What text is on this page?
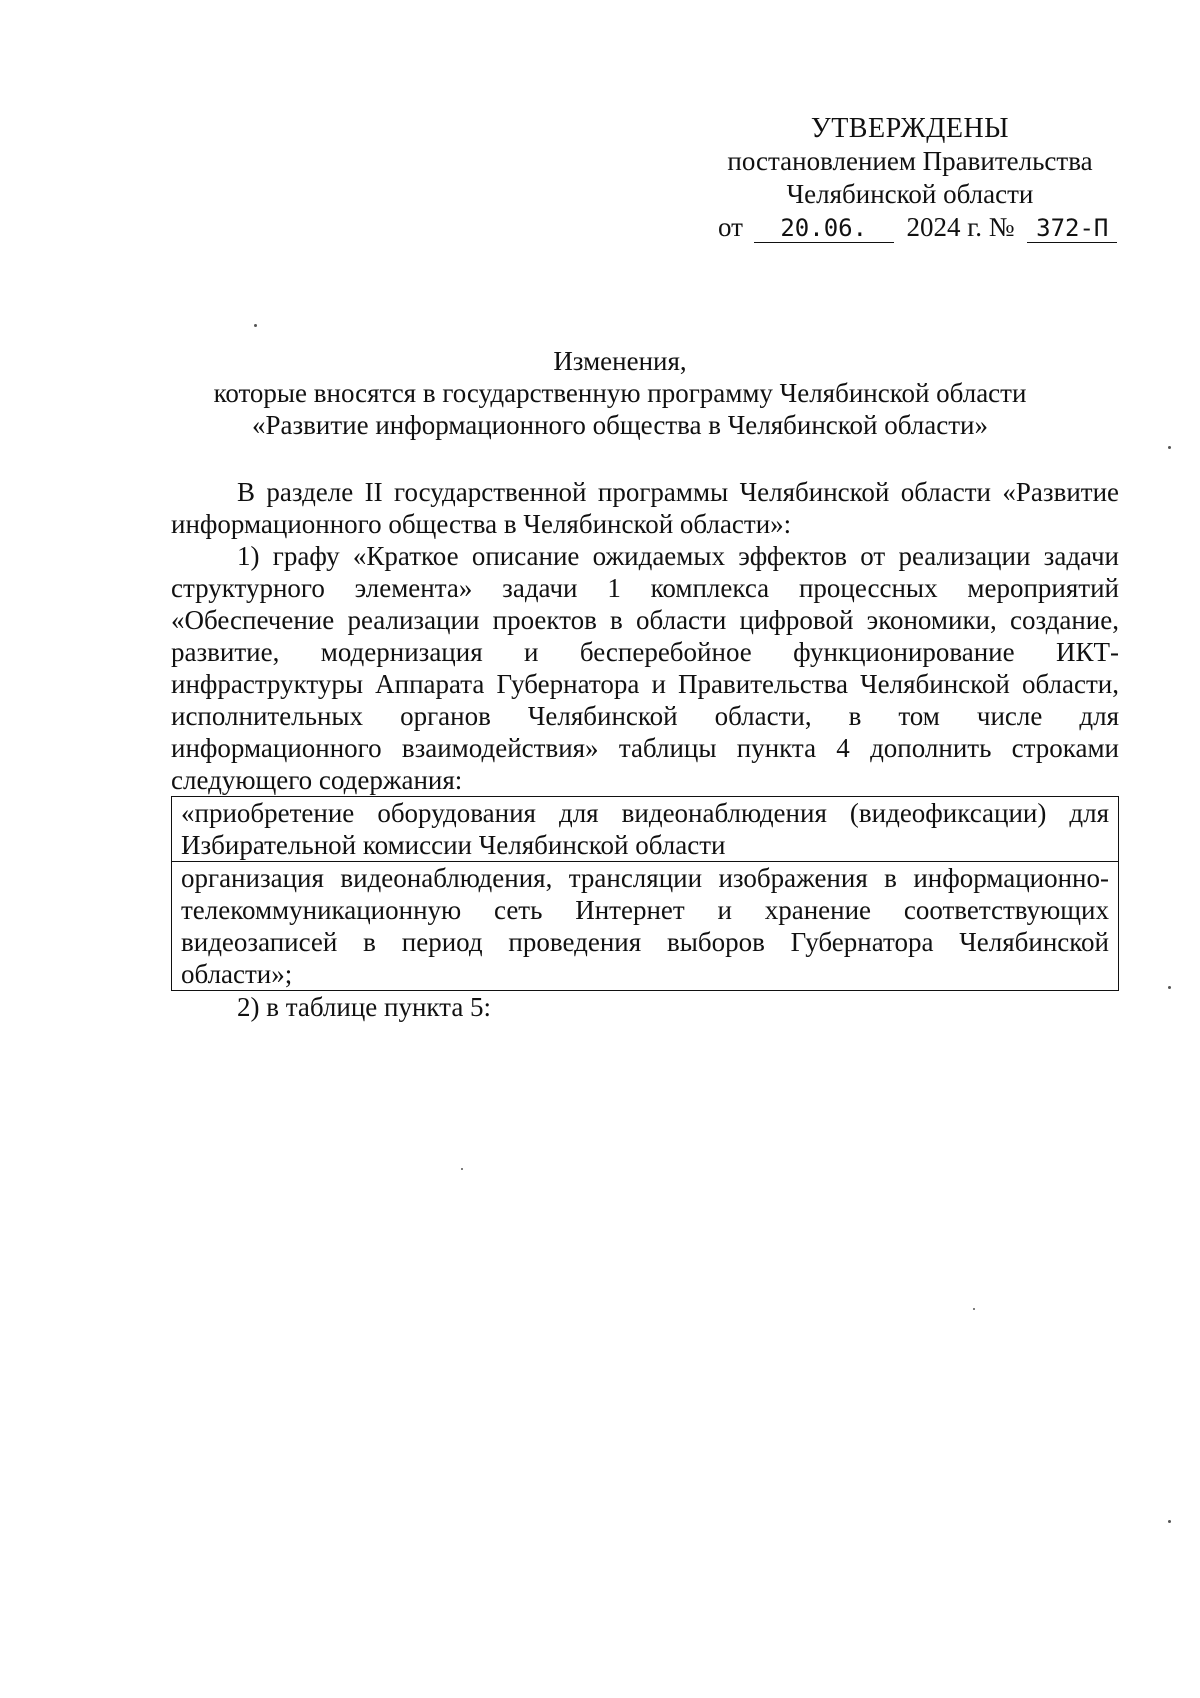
УТВЕРЖДЕНЫ
постановлением Правительства
Челябинской области
от 20.06. 2024 г. № 372-П
Изменения,
которые вносятся в государственную программу Челябинской области
«Развитие информационного общества в Челябинской области»

В разделе II государственной программы Челябинской области «Развитие информационного общества в Челябинской области»:

1) графу «Краткое описание ожидаемых эффектов от реализации задачи структурного элемента» задачи 1 комплекса процессных мероприятий «Обеспечение реализации проектов в области цифровой экономики, создание, развитие, модернизация и бесперебойное функционирование ИКТ-инфраструктуры Аппарата Губернатора и Правительства Челябинской области, исполнительных органов Челябинской области, в том числе для информационного взаимодействия» таблицы пункта 4 дополнить строками следующего содержания:

«приобретение оборудования для видеонаблюдения (видеофиксации) для Избирательной комиссии Челябинской области
организация видеонаблюдения, трансляции изображения в информационно-телекоммуникационную сеть Интернет и хранение соответствующих видеозаписей в период проведения выборов Губернатора Челябинской области»;

2) в таблице пункта 5:
